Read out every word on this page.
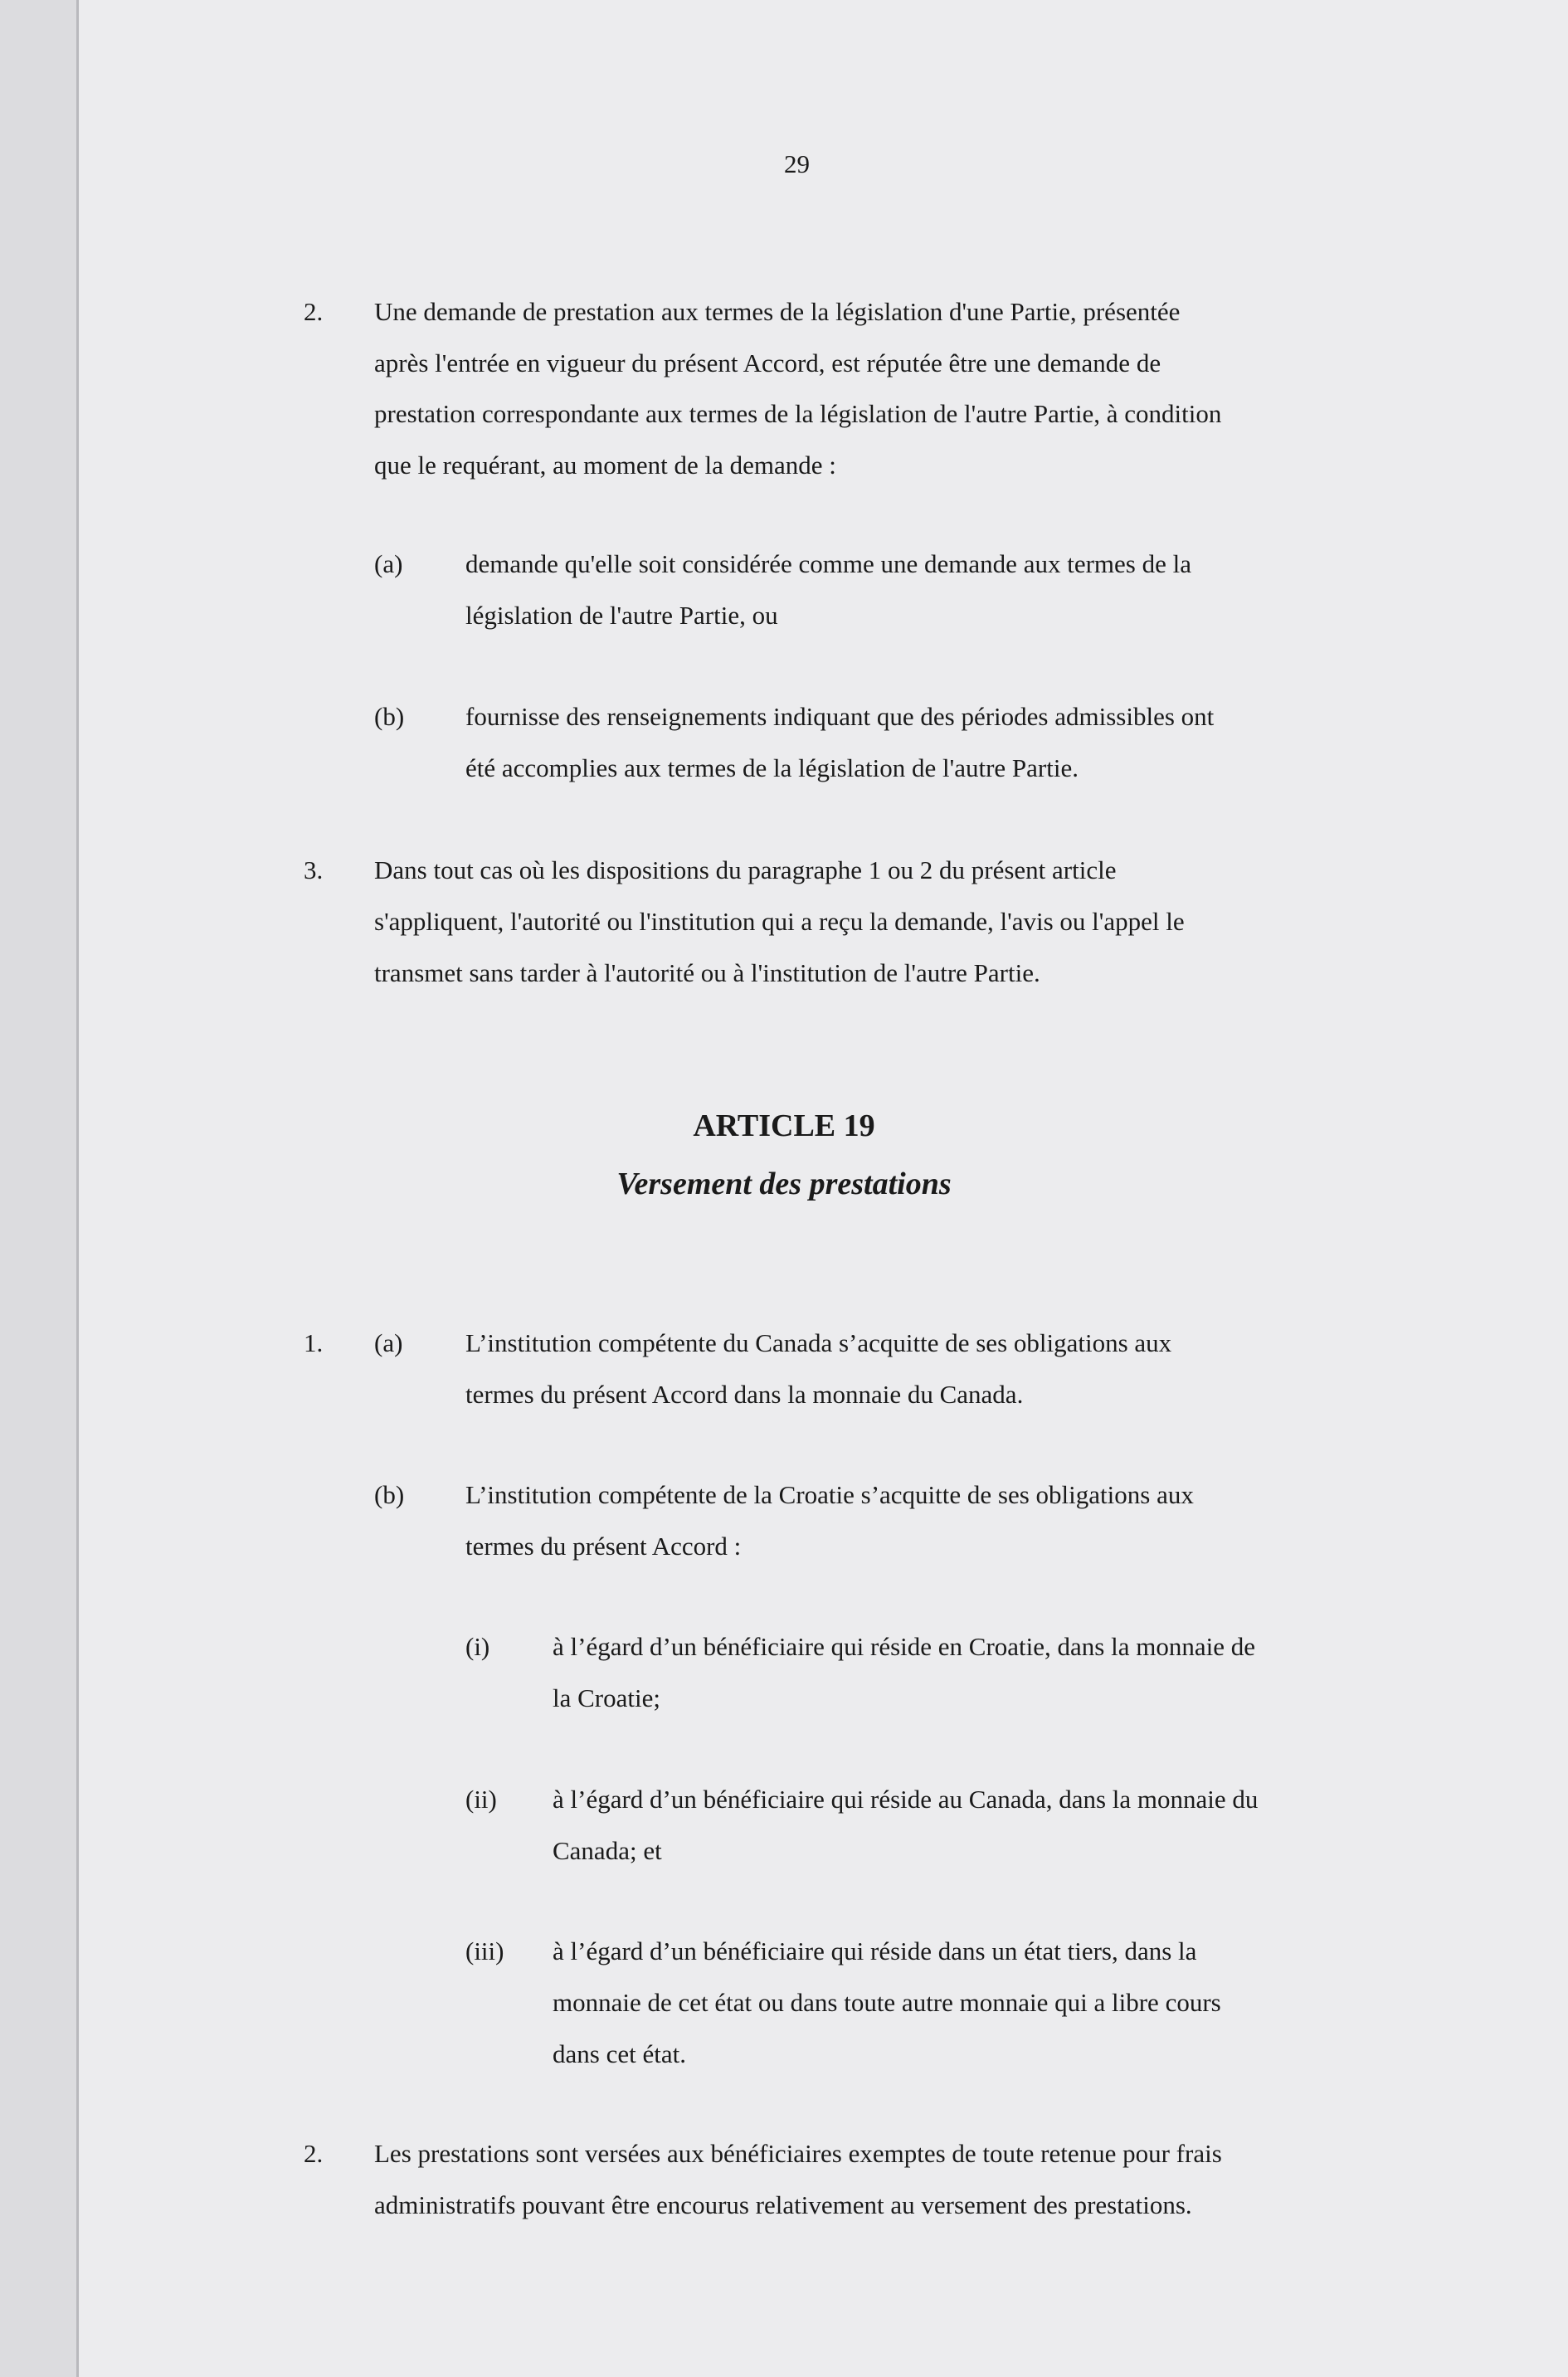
29
2. Une demande de prestation aux termes de la législation d'une Partie, présentée
après l'entrée en vigueur du présent Accord, est réputée être une demande de
prestation correspondante aux termes de la législation de l'autre Partie, à condition
que le requérant, au moment de la demande :
(a) demande qu'elle soit considérée comme une demande aux termes de la
législation de l'autre Partie, ou
(b) fournisse des renseignements indiquant que des périodes admissibles ont
été accomplies aux termes de la législation de l'autre Partie.
3. Dans tout cas où les dispositions du paragraphe 1 ou 2 du présent article
s'appliquent, l'autorité ou l'institution qui a reçu la demande, l'avis ou l'appel le
transmet sans tarder à l'autorité ou à l'institution de l'autre Partie.
ARTICLE 19
Versement des prestations
1. (a) L’institution compétente du Canada s’acquitte de ses obligations aux
termes du présent Accord dans la monnaie du Canada.
(b) L’institution compétente de la Croatie s’acquitte de ses obligations aux
termes du présent Accord :
(i) à l’égard d’un bénéficiaire qui réside en Croatie, dans la monnaie de
la Croatie;
(ii) à l’égard d’un bénéficiaire qui réside au Canada, dans la monnaie du
Canada; et
(iii) à l’égard d’un bénéficiaire qui réside dans un état tiers, dans la
monnaie de cet état ou dans toute autre monnaie qui a libre cours
dans cet état.
2. Les prestations sont versées aux bénéficiaires exemptes de toute retenue pour frais
administratifs pouvant être encourus relativement au versement des prestations.
